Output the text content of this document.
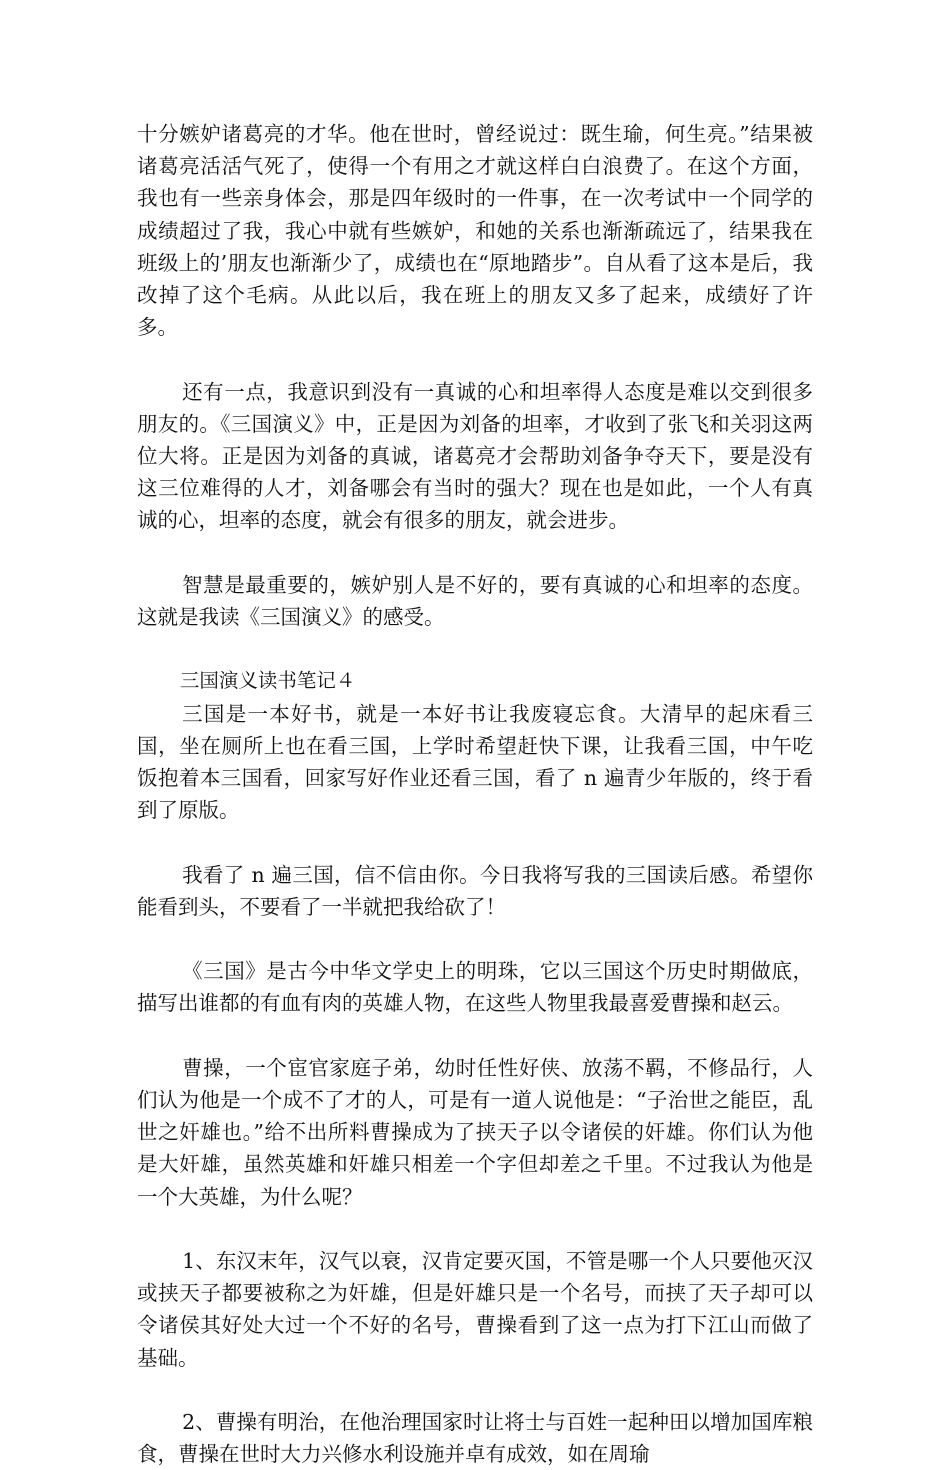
十分嫉妒诸葛亮的才华。他在世时，曾经说过：既生瑜，何生亮。”结果被诸葛亮活活气死了，使得一个有用之才就这样白白浪费了。在这个方面，我也有一些亲身体会，那是四年级时的一件事，在一次考试中一个同学的成绩超过了我，我心中就有些嫉妒，和她的关系也渐渐疏远了，结果我在班级上的’朋友也渐渐少了，成绩也在“原地踏步”。自从看了这本是后，我改掉了这个毛病。从此以后，我在班上的朋友又多了起来，成绩好了许多。

还有一点，我意识到没有一真诚的心和坦率得人态度是难以交到很多朋友的。《三国演义》中，正是因为刘备的坦率，才收到了张飞和关羽这两位大将。正是因为刘备的真诚，诸葛亮才会帮助刘备争夺天下，要是没有这三位难得的人才，刘备哪会有当时的强大？现在也是如此，一个人有真诚的心，坦率的态度，就会有很多的朋友，就会进步。

智慧是最重要的，嫉妒别人是不好的，要有真诚的心和坦率的态度。这就是我读《三国演义》的感受。

三国演义读书笔记４

三国是一本好书，就是一本好书让我废寝忘食。大清早的起床看三国，坐在厕所上也在看三国，上学时希望赶快下课，让我看三国，中午吃饭抱着本三国看，回家写好作业还看三国，看了 n 遍青少年版的，终于看到了原版。

我看了 n 遍三国，信不信由你。今日我将写我的三国读后感。希望你能看到头，不要看了一半就把我给砍了！

《三国》是古今中华文学史上的明珠，它以三国这个历史时期做底，描写出谁都的有血有肉的英雄人物，在这些人物里我最喜爱曹操和赵云。

曹操，一个宦官家庭子弟，幼时任性好侠、放荡不羁，不修品行，人们认为他是一个成不了才的人，可是有一道人说他是：“子治世之能臣，乱世之奸雄也。”给不出所料曹操成为了挟天子以令诸侯的奸雄。你们认为他是大奸雄，虽然英雄和奸雄只相差一个字但却差之千里。不过我认为他是一个大英雄，为什么呢？

1、东汉末年，汉气以衰，汉肯定要灭国，不管是哪一个人只要他灭汉或挟天子都要被称之为奸雄，但是奸雄只是一个名号，而挟了天子却可以令诸侯其好处大过一个不好的名号，曹操看到了这一点为打下江山而做了基础。

2、曹操有明治，在他治理国家时让将士与百姓一起种田以增加国库粮食，曹操在世时大力兴修水利设施并卓有成效，如在周瑜
